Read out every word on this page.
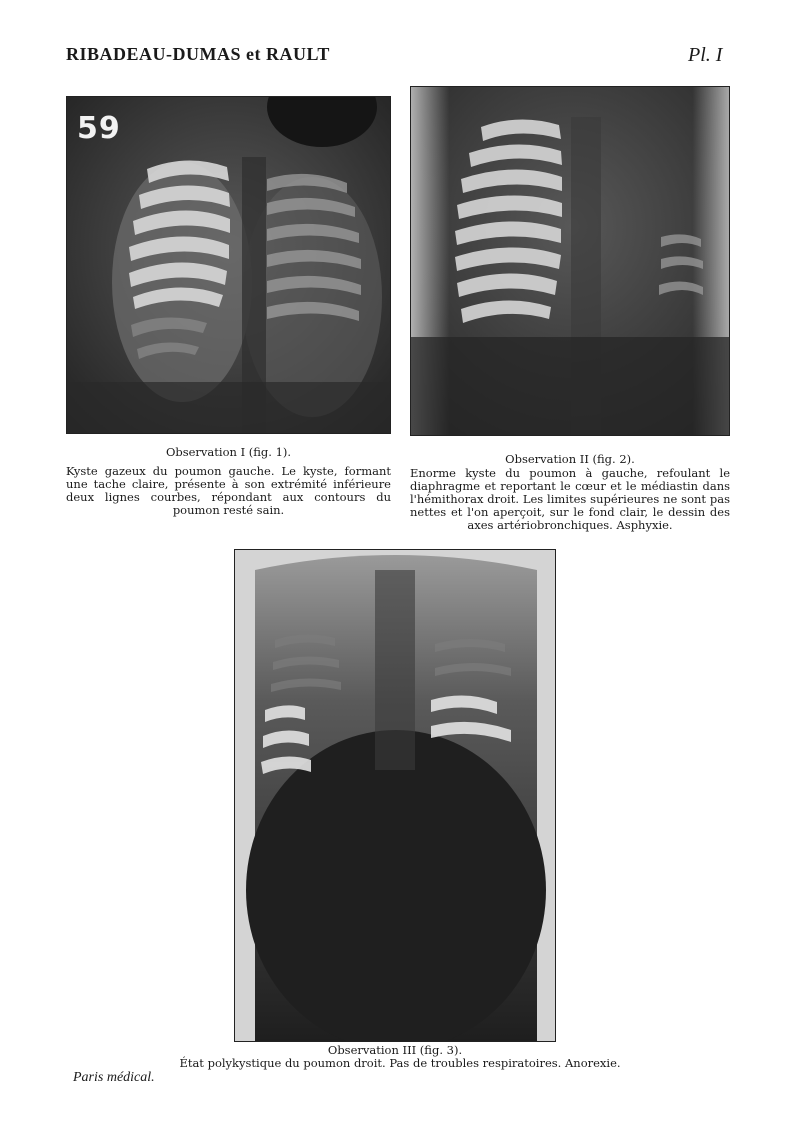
RIBADEAU-DUMAS et RAULT	Pl. I
59
Observation I (fig. 1).
Kyste gazeux du poumon gauche. Le kyste, formant une tache claire, présente à son extrémité inférieure deux lignes courbes, répondant aux contours du poumon resté sain.
Observation II (fig. 2).
Enorme kyste du poumon à gauche, refoulant le diaphragme et reportant le cœur et le médiastin dans l'hémithorax droit. Les limites supérieures ne sont pas nettes et l'on aperçoit, sur le fond clair, le dessin des axes artériobronchiques. Asphyxie.
Observation III (fig. 3).
État polykystique du poumon droit. Pas de troubles respiratoires. Anorexie.
Paris médical.
